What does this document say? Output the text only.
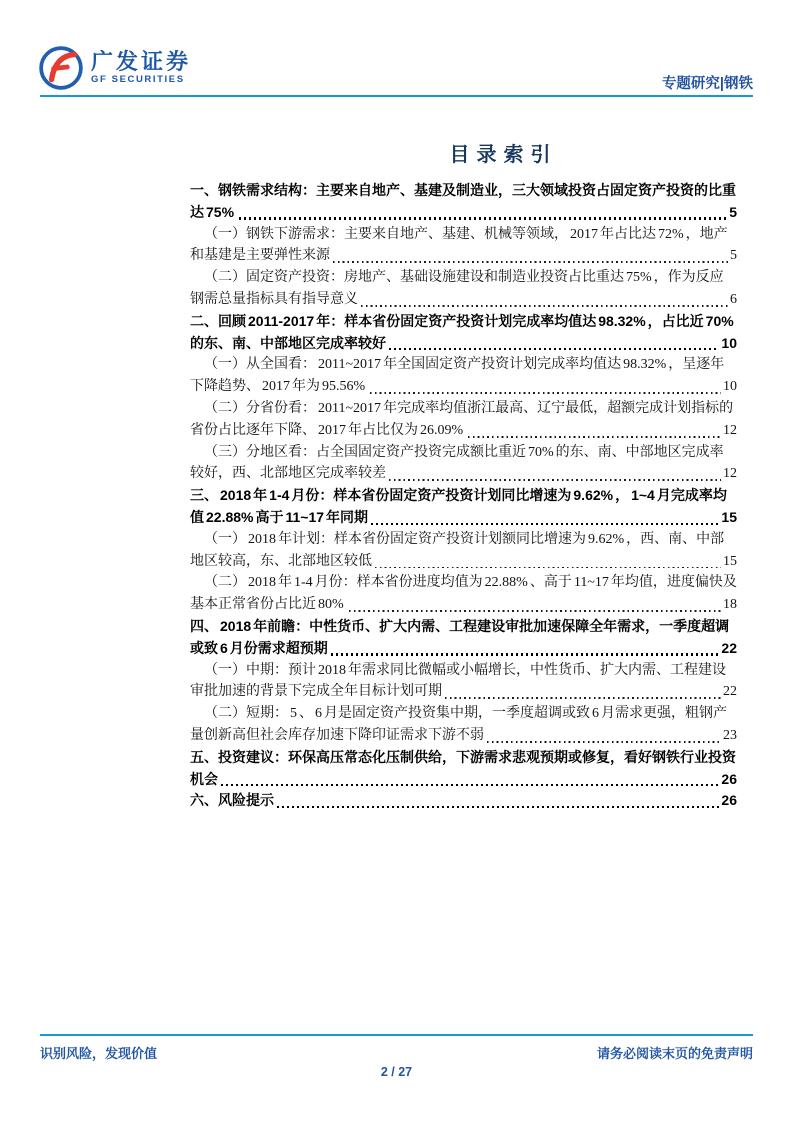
广发证券
GF SECURITIES	专题研究|钢铁
目录索引
一 、 钢 铁 需 求 结 构 ： 主 要 来 自 地 产 、 基 建 及 制 造 业 ， 三 大 领 域 投 资 占 固 定 资 产 投 资 的 比 重
达 75%	5
（ 一 ） 钢 铁 下 游 需 求 ： 主 要 来 自 地 产 、 基 建 、 机 械 等 领 域 ， 2017 年 占 比 达 72% ， 地 产
和 基 建 是 主 要 弹 性 来 源	5
（ 二 ） 固 定 资 产 投 资 ： 房 地 产 、 基 础 设 施 建 设 和 制 造 业 投 资 占 比 重 达 75% ， 作 为 反 应
钢 需 总 量 指 标 具 有 指 导 意 义	6
二 、 回 顾 2011-2017 年 ： 样 本 省 份 固 定 资 产 投 资 计 划 完 成 率 均 值 达 98.32% ， 占 比 近 70%
的 东 、 南 、 中 部 地 区 完 成 率 较 好	10
（ 一 ） 从 全 国 看 ： 2011~2017 年 全 国 固 定 资 产 投 资 计 划 完 成 率 均 值 达 98.32% ， 呈 逐 年
下 降 趋 势 、 2017 年 为 95.56%	10
（ 二 ） 分 省 份 看 ： 2011~2017 年 完 成 率 均 值 浙 江 最 高 、 辽 宁 最 低 ， 超 额 完 成 计 划 指 标 的
省 份 占 比 逐 年 下 降 、 2017 年 占 比 仅 为 26.09%	12
（ 三 ） 分 地 区 看 ： 占 全 国 固 定 资 产 投 资 完 成 额 比 重 近 70% 的 东 、 南 、 中 部 地 区 完 成 率
较 好 ， 西 、 北 部 地 区 完 成 率 较 差	12
三 、 2018 年 1-4 月 份 ： 样 本 省 份 固 定 资 产 投 资 计 划 同 比 增 速 为 9.62% ， 1~4 月 完 成 率 均
值 22.88% 高 于 11~17 年 同 期	15
（ 一 ） 2018 年 计 划 ： 样 本 省 份 固 定 资 产 投 资 计 划 额 同 比 增 速 为 9.62% ， 西 、 南 、 中 部
地 区 较 高 ， 东 、 北 部 地 区 较 低	15
（ 二 ） 2018 年 1-4 月 份 ： 样 本 省 份 进 度 均 值 为 22.88% 、 高 于 11~17 年 均 值 ， 进 度 偏 快 及
基 本 正 常 省 份 占 比 近 80%	18
四 、 2018 年 前 瞻 ： 中 性 货 币 、 扩 大 内 需 、 工 程 建 设 审 批 加 速 保 障 全 年 需 求 ， 一 季 度 超 调
或 致 6 月 份 需 求 超 预 期	22
（ 一 ） 中 期 ： 预 计 2018 年 需 求 同 比 微 幅 或 小 幅 增 长 ， 中 性 货 币 、 扩 大 内 需 、 工 程 建 设
审 批 加 速 的 背 景 下 完 成 全 年 目 标 计 划 可 期	22
（ 二 ） 短 期 ： 5 、 6 月 是 固 定 资 产 投 资 集 中 期 ， 一 季 度 超 调 或 致 6 月 需 求 更 强 ， 粗 钢 产
量 创 新 高 但 社 会 库 存 加 速 下 降 印 证 需 求 下 游 不 弱	23
五 、 投 资 建 议 ： 环 保 高 压 常 态 化 压 制 供 给 ， 下 游 需 求 悲 观 预 期 或 修 复 ， 看 好 钢 铁 行 业 投 资
机 会	26
六 、 风 险 提 示	26
识别风险，发现价值	请务必阅读末页的免责声明
2 / 27
